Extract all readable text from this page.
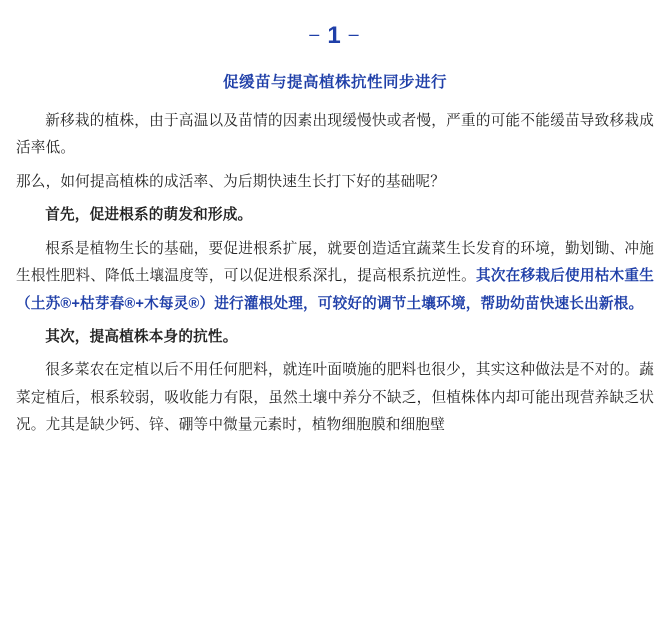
– 1 –
促缓苗与提高植株抗性同步进行

新移栽的植株，由于高温以及苗情的因素出现缓慢快或者慢，严重的可能不能缓苗导致移栽成活率低。

那么，如何提高植株的成活率、为后期快速生长打下好的基础呢？

首先，促进根系的萌发和形成。

根系是植物生长的基础，要促进根系扩展，就要创造适宜蔬菜生长发育的环境，勤划锄、冲施生根性肥料、降低土壤温度等，可以促进根系深扎，提高根系抗逆性。其次在移栽后使用枯木重生（土苏®+枯芽春®+木每灵®）进行灌根处理，可较好的调节土壤环境，帮助幼苗快速长出新根。

其次，提高植株本身的抗性。

很多菜农在定植以后不用任何肥料，就连叶面喷施的肥料也很少，其实这种做法是不对的。蔬菜定植后，根系较弱，吸收能力有限，虽然土壤中养分不缺乏，但植株体内却可能出现营养缺乏状况。尤其是缺少钙、锌、硼等中微量元素时，植物细胞膜和细胞壁
